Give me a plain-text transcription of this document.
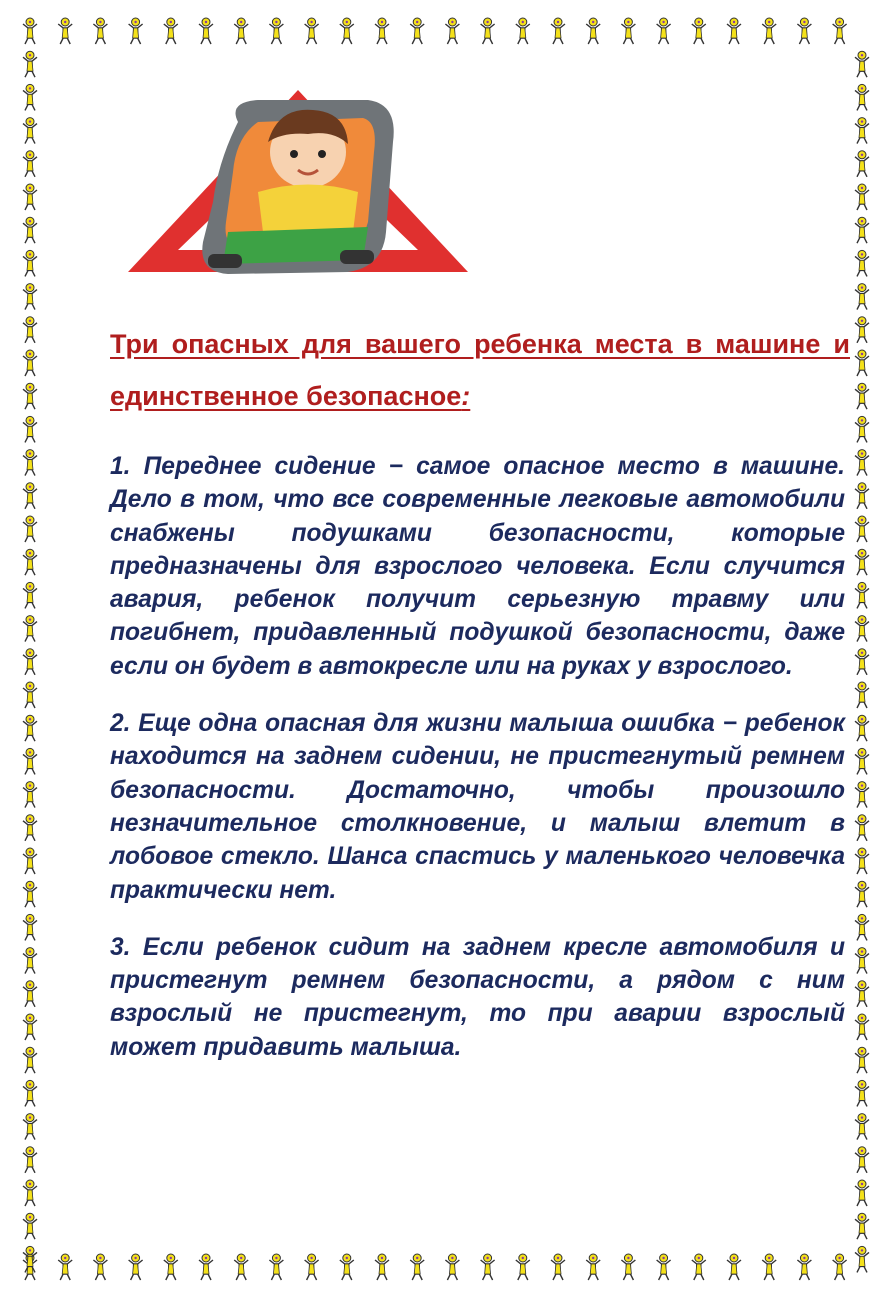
Три опасных для вашего ребенка места в машине и единственное безопасное:

1. Переднее сидение − самое опасное место в машине. Дело в том, что все современные легковые автомобили снабжены подушками безопасности, которые предназначены для взрослого человека. Если случится авария, ребенок получит серьезную травму или погибнет, придавленный подушкой безопасности, даже если он будет в автокресле или на руках у взрослого.

2. Еще одна опасная для жизни малыша ошибка − ребенок находится на заднем сидении, не пристегнутый ремнем безопасности. Достаточно, чтобы произошло незначительное столкновение, и малыш влетит в лобовое стекло. Шанса спастись у маленького человечка практически нет.

3. Если ребенок сидит на заднем кресле автомобиля и пристегнут ремнем безопасности, а рядом с ним взрослый не пристегнут, то при аварии взрослый может придавить малыша.
